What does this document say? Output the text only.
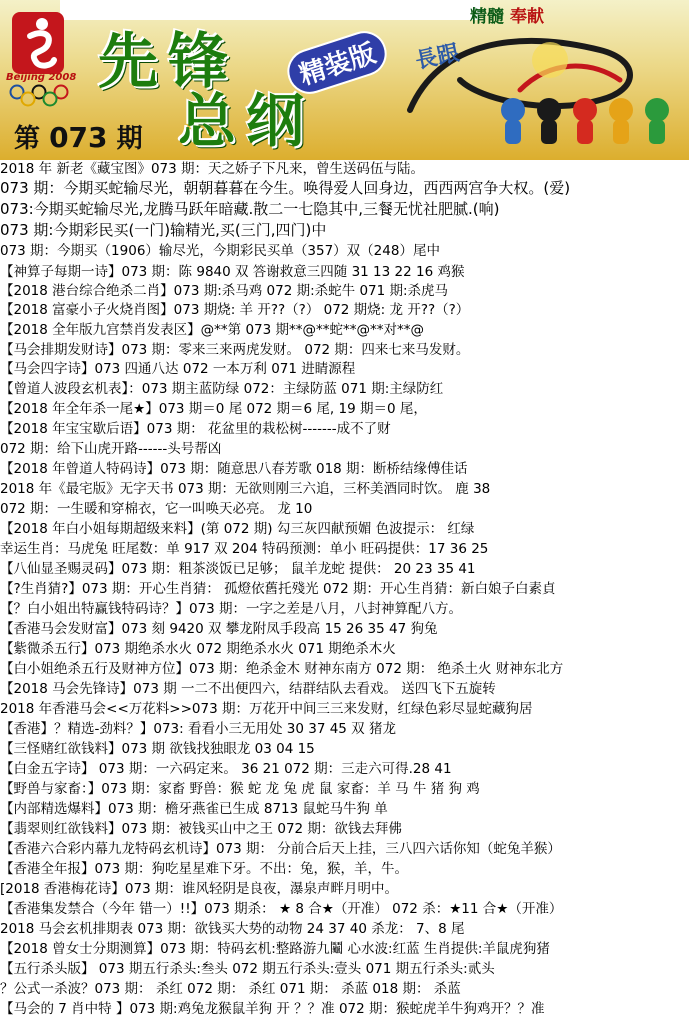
精髓 奉献
Beijing 2008 先锋	精装版
总纲
第 073 期
長跟
2018 年 新老《藏宝图》073 期：天之娇子下凡来，曾生送码伍与陆。
073 期：今期买蛇输尽光，朝朝暮暮在今生。唤得爱人回身边，西西两宫争大权。(爱)
073:今期买蛇输尽光,龙腾马跃年暗藏.散二一七隐其中,三餐无忧社肥腻.(响)
073 期:今期彩民买(一门)输精光,买(三门,四门)中
073 期：今期买（1906）输尽光，今期彩民买单（357）双（248）尾中
【神算子每期一诗】073 期：陈 9840 双 答谢救意三四随 31 13 22 16 鸡猴
【2018 港台综合绝杀二肖】073 期:杀马鸡 072 期:杀蛇牛 071 期:杀虎马
【2018 富豪小子火烧肖图】073 期烧: 羊 开??（?） 072 期烧: 龙 开??（?）
【2018 全年版九宫禁肖发表区】@**第 073 期**@**蛇**@**对**@
【马会排期发财诗】073 期：零来三来两虎发财。 072 期：四来七来马发财。
【马会四字诗】073 四通八达 072 一本万利 071 进睛源程
【曾道人波段玄机表】：073 期主蓝防绿 072：主绿防蓝 071 期:主绿防红
【2018 年全年杀一尾★】073 期＝0 尾 072 期＝6 尾, 19 期＝0 尾，
【2018 年宝宝歇后语】073 期： 花盆里的栽松树-------成不了财
072 期：给下山虎开路------头号帮凶
【2018 年曾道人特码诗】073 期：随意思八春芳歌 018 期：断桥结缘傅佳话
2018 年《最宅版》无字天书 073 期：无欲则刚三六追，三杯美酒同时饮。 鹿 38
072 期：一生暖和穿棉衣，它一叫唤天必亮。 龙 10
【2018 年白小姐每期超级来料】(第 072 期) 勾三灰四献预媚 色波提示： 红绿
幸运生肖：马虎兔 旺尾数：单 917 双 204 特码预测：单小 旺码提供：17 36 25
【八仙显圣赐灵码】073 期：粗茶淡饭已足够； 鼠羊龙蛇 提供： 20 23 35 41
【?生肖猜?】073 期：开心生肖猜： 孤燈依舊托殘光 072 期：开心生肖猜：新白娘子白素貞
【？白小姐出特赢钱特码诗？】073 期：一字之差是八月，八封神算配八方。
【香港马会发财富】073 刻 9420 双 攀龙附凤手段高 15 26 35 47 狗兔
【紫微杀五行】073 期绝杀水火 072 期绝杀水火 071 期绝杀木火
【白小姐绝杀五行及财神方位】073 期：绝杀金木 财神东南方 072 期： 绝杀土火 财神东北方
【2018 马会先锋诗】073 期 一二不出便四六，结群结队去看戏。 送四飞下五旋转
2018 年香港马会<<万花料>>073 期：万花开中间三三来发财，红绿色彩尽显蛇藏狗居
【香港】？精选-劲料？】073: 看看小三无用处 30 37 45 双 猪龙
【三怪赌红欲钱料】073 期 欲钱找独眼龙 03 04 15
【白金五字诗】 073 期：一六码定来。 36 21 072 期：三走六可得.28 41
【野兽与家畜：】073 期：家畜 野兽：猴 蛇 龙 兔 虎 鼠 家畜：羊 马 牛 猪 狗 鸡
【内部精选爆料】073 期：檐牙燕雀已生成 8713 鼠蛇马牛狗 单
【翡翠则红欲钱料】073 期：被钱买山中之王 072 期：欲钱去拜佛
【香港六合彩内幕九龙特码玄机诗】073 期： 分前合后天上挂，三八四六话你知（蛇兔羊猴）
【香港全年报】073 期：狗吃星星难下牙。不出：兔，猴，羊，牛。
[2018 香港梅花诗】073 期：谁风轻阴是良夜，瀑泉声畔月明中。
【香港集发禁合（今年 错一）!!】073 期杀： ★ 8 合★（开准） 072 杀：★11 合★（开准）
2018 马会玄机排期表 073 期：欲钱买大势的动物 24 37 40 杀龙： 7、8 尾
【2018 曾女士分期测算】073 期：特码玄机:整路游九鬮 心水波:红蓝 生肖提供:羊鼠虎狗猪
【五行杀头版】 073 期五行杀头:叁头 072 期五行杀头:壹头 071 期五行杀头:贰头
？公式一杀波？073 期： 杀红 072 期： 杀红 071 期： 杀蓝 018 期： 杀蓝
【马会的 7 肖中特 】073 期:鸡兔龙猴鼠羊狗 开 ？？准 072 期：猴蛇虎羊牛狗鸡开？？准
